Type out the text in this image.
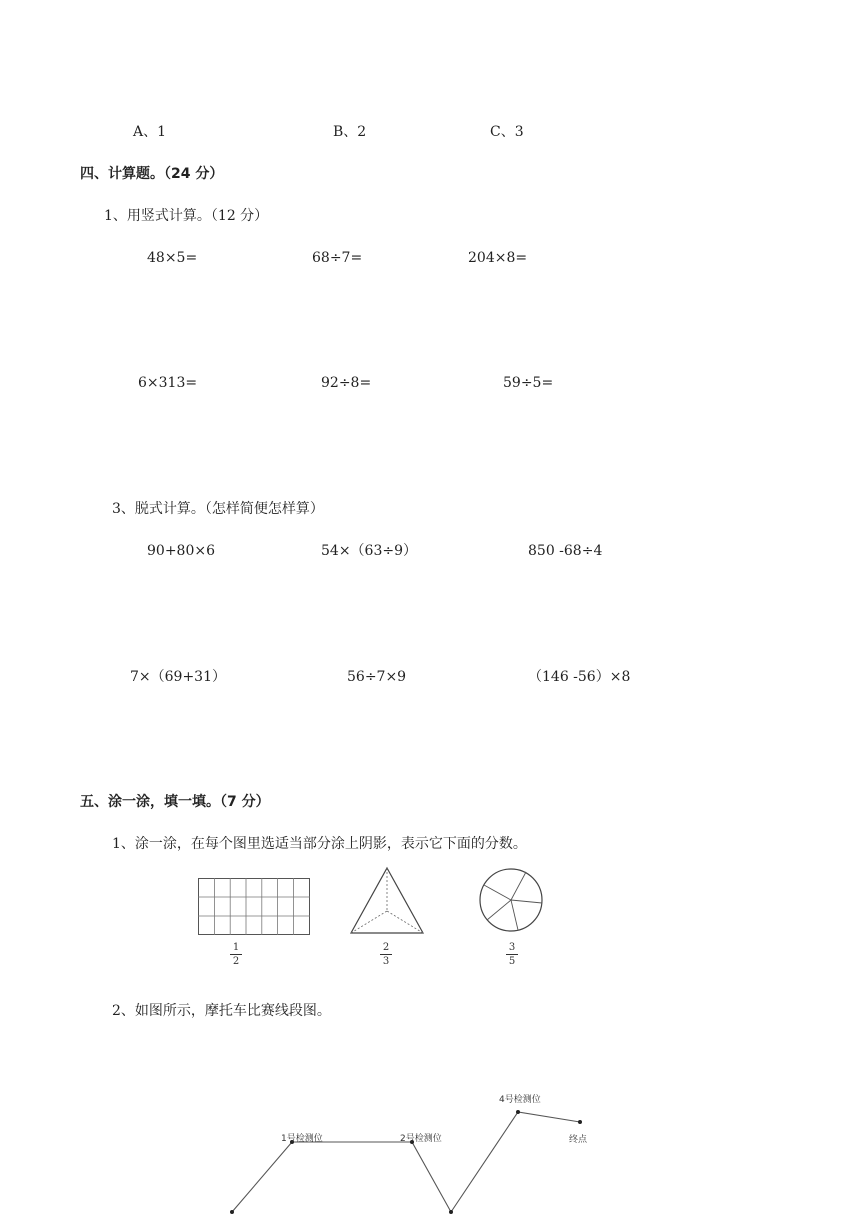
A、1	B、2	C、3
四、计算题。（24 分）
1、用竖式计算。（12 分）
48×5=	68÷7=	204×8=
6×313=	92÷8=	59÷5=
3、脱式计算。（怎样简便怎样算）
90+80×6	54×（63÷9）	850 -68÷4
7×（69+31）	56÷7×9	（146 -56）×8
五、涂一涂，填一填。（7 分）
1、涂一涂，在每个图里选适当部分涂上阴影，表示它下面的分数。
1
2
2
3
3
5
2、如图所示，摩托车比赛线段图。
1号检测位	2号检测位
4号检测位
终点
